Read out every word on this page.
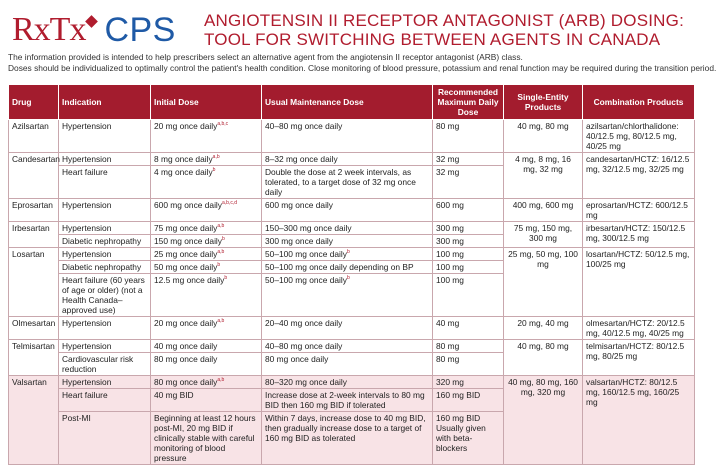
RxTx CPS ANGIOTENSIN II RECEPTOR ANTAGONIST (ARB) DOSING:
TOOL FOR SWITCHING BETWEEN AGENTS IN CANADA

The information provided is intended to help prescribers select an alternative agent from the angiotensin II receptor antagonist (ARB) class.

Doses should be individualized to optimally control the patient's health condition. Close monitoring of blood pressure, potassium and renal function may be required during the transition period.

Drug	Indication	Initial Dose	Usual Maintenance Dose	Recommended Maximum Daily Dose	Single-Entity Products	Combination Products
Azilsartan	Hypertension	20 mg once daily$^{a,b,c}$	40–80 mg once daily	80 mg	40 mg, 80 mg	azilsartan/chlorthalidone: 40/12.5 mg, 80/12.5 mg, 40/25 mg
Candesartan	Hypertension	8 mg once daily$^{a,b}$	8–32 mg once daily	32 mg	4 mg, 8 mg, 16 mg, 32 mg	candesartan/HCTZ: 16/12.5 mg, 32/12.5 mg, 32/25 mg
	Heart failure	4 mg once daily$^b$	Double the dose at 2 week intervals, as tolerated, to a target dose of 32 mg once daily	32 mg		
Eprosartan	Hypertension	600 mg once daily$^{a,b,c,d}$	600 mg once daily	600 mg	400 mg, 600 mg	eprosartan/HCTZ: 600/12.5 mg
Irbesartan	Hypertension	75 mg once daily$^{a,b}$	150–300 mg once daily	300 mg	75 mg, 150 mg, 300 mg	irbesartan/HCTZ: 150/12.5 mg, 300/12.5 mg
	Diabetic nephropathy	150 mg once daily$^b$	300 mg once daily	300 mg		
Losartan	Hypertension	25 mg once daily$^{a,b}$	50–100 mg once daily$^b$	100 mg	25 mg, 50 mg, 100 mg	losartan/HCTZ: 50/12.5 mg, 100/25 mg
	Diabetic nephropathy	50 mg once daily$^b$	50–100 mg once daily depending on BP	100 mg		
	Heart failure (60 years of age or older) (not a Health Canada–approved use)	12.5 mg once daily$^b$	50–100 mg once daily$^b$	100 mg		
Olmesartan	Hypertension	20 mg once daily$^{a,b}$	20–40 mg once daily	40 mg	20 mg, 40 mg	olmesartan/HCTZ: 20/12.5 mg, 40/12.5 mg, 40/25 mg
Telmisartan	Hypertension	40 mg once daily	40–80 mg once daily	80 mg	40 mg, 80 mg	telmisartan/HCTZ: 80/12.5 mg, 80/25 mg
	Cardiovascular risk reduction	80 mg once daily	80 mg once daily	80 mg		
Valsartan	Hypertension	80 mg once daily$^{a,b}$	80–320 mg once daily	320 mg	40 mg, 80 mg, 160 mg, 320 mg	valsartan/HCTZ: 80/12.5 mg, 160/12.5 mg, 160/25 mg
	Heart failure	40 mg BID	Increase dose at 2-week intervals to 80 mg BID then 160 mg BID if tolerated	160 mg BID		
	Post-MI	Beginning at least 12 hours post-MI, 20 mg BID if clinically stable with careful monitoring of blood pressure	Within 7 days, increase dose to 40 mg BID, then gradually increase dose to a target of 160 mg BID as tolerated	160 mg BID Usually given with beta-blockers		
